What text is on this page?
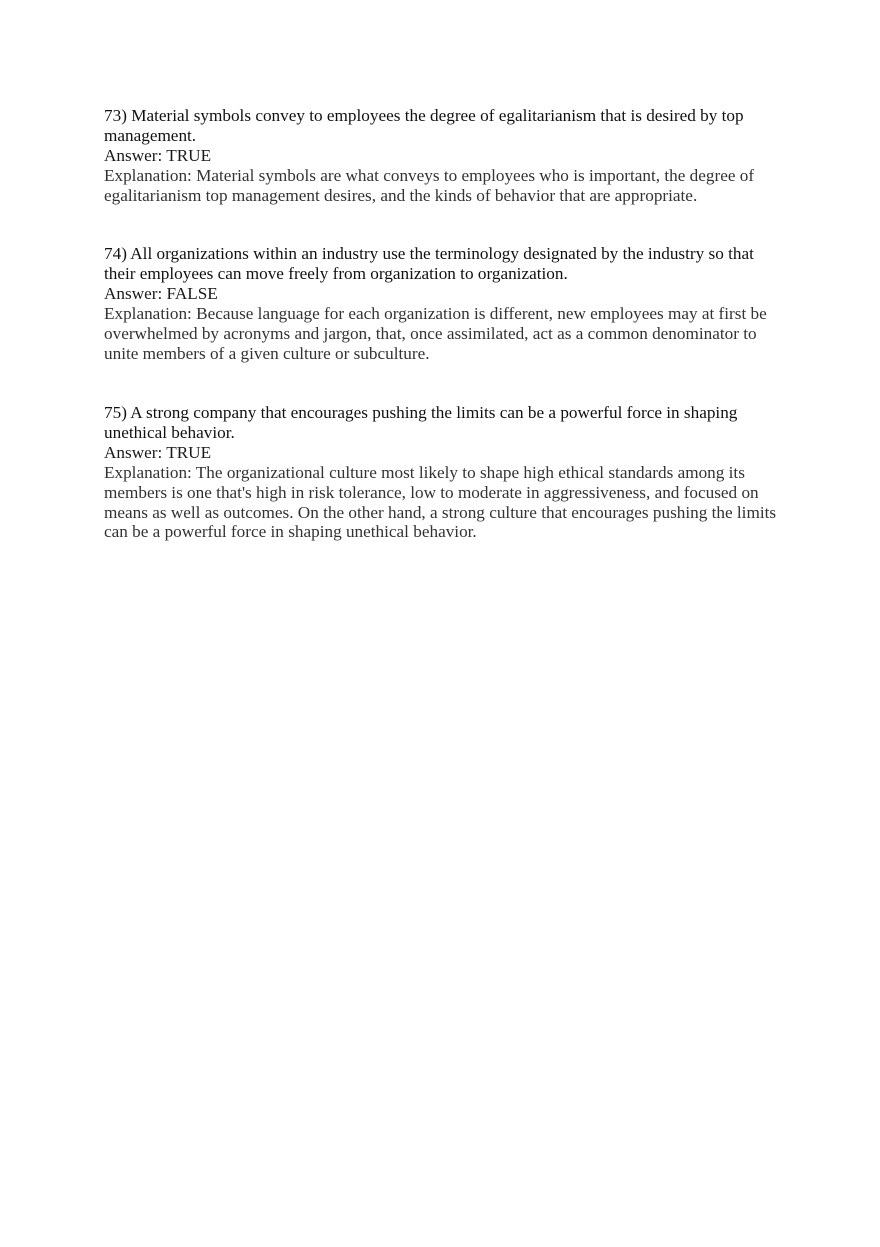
73) Material symbols convey to employees the degree of egalitarianism that is desired by top management.

Answer: TRUE

Explanation: Material symbols are what conveys to employees who is important, the degree of egalitarianism top management desires, and the kinds of behavior that are appropriate.

74) All organizations within an industry use the terminology designated by the industry so that their employees can move freely from organization to organization.

Answer: FALSE

Explanation: Because language for each organization is different, new employees may at first be overwhelmed by acronyms and jargon, that, once assimilated, act as a common denominator to unite members of a given culture or subculture.

75) A strong company that encourages pushing the limits can be a powerful force in shaping unethical behavior.

Answer: TRUE

Explanation: The organizational culture most likely to shape high ethical standards among its members is one that's high in risk tolerance, low to moderate in aggressiveness, and focused on means as well as outcomes. On the other hand, a strong culture that encourages pushing the limits can be a powerful force in shaping unethical behavior.
